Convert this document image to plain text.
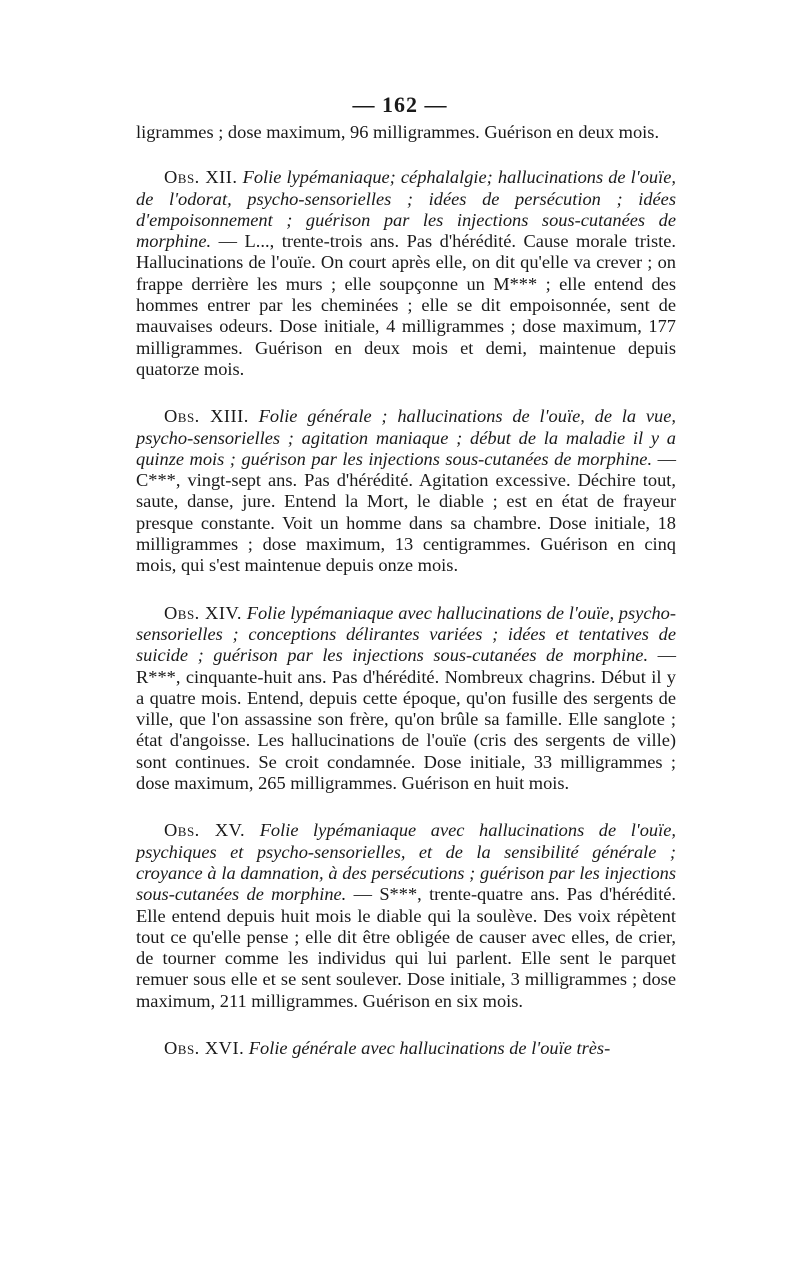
— 162 —

ligrammes ; dose maximum, 96 milligrammes. Guérison en deux mois.

Obs. XII. Folie lypémaniaque; céphalalgie; hallucinations de l'ouïe, de l'odorat, psycho-sensorielles ; idées de persécution ; idées d'empoisonnement ; guérison par les injections sous-cutanées de morphine. — L..., trente-trois ans. Pas d'hérédité. Cause morale triste. Hallucinations de l'ouïe. On court après elle, on dit qu'elle va crever ; on frappe derrière les murs ; elle soupçonne un M*** ; elle entend des hommes entrer par les cheminées ; elle se dit empoisonnée, sent de mauvaises odeurs. Dose initiale, 4 milligrammes ; dose maximum, 177 milligrammes. Guérison en deux mois et demi, maintenue depuis quatorze mois.

Obs. XIII. Folie générale ; hallucinations de l'ouïe, de la vue, psycho-sensorielles ; agitation maniaque ; début de la maladie il y a quinze mois ; guérison par les injections sous-cutanées de morphine. — C***, vingt-sept ans. Pas d'hérédité. Agitation excessive. Déchire tout, saute, danse, jure. Entend la Mort, le diable ; est en état de frayeur presque constante. Voit un homme dans sa chambre. Dose initiale, 18 milligrammes ; dose maximum, 13 centigrammes. Guérison en cinq mois, qui s'est maintenue depuis onze mois.

Obs. XIV. Folie lypémaniaque avec hallucinations de l'ouïe, psycho-sensorielles ; conceptions délirantes variées ; idées et tentatives de suicide ; guérison par les injections sous-cutanées de morphine. — R***, cinquante-huit ans. Pas d'hérédité. Nombreux chagrins. Début il y a quatre mois. Entend, depuis cette époque, qu'on fusille des sergents de ville, que l'on assassine son frère, qu'on brûle sa famille. Elle sanglote ; état d'angoisse. Les hallucinations de l'ouïe (cris des sergents de ville) sont continues. Se croit condamnée. Dose initiale, 33 milligrammes ; dose maximum, 265 milligrammes. Guérison en huit mois.

Obs. XV. Folie lypémaniaque avec hallucinations de l'ouïe, psychiques et psycho-sensorielles, et de la sensibilité générale ; croyance à la damnation, à des persécutions ; guérison par les injections sous-cutanées de morphine. — S***, trente-quatre ans. Pas d'hérédité. Elle entend depuis huit mois le diable qui la soulève. Des voix répètent tout ce qu'elle pense ; elle dit être obligée de causer avec elles, de crier, de tourner comme les individus qui lui parlent. Elle sent le parquet remuer sous elle et se sent soulever. Dose initiale, 3 milligrammes ; dose maximum, 211 milligrammes. Guérison en six mois.

Obs. XVI. Folie générale avec hallucinations de l'ouïe très-
